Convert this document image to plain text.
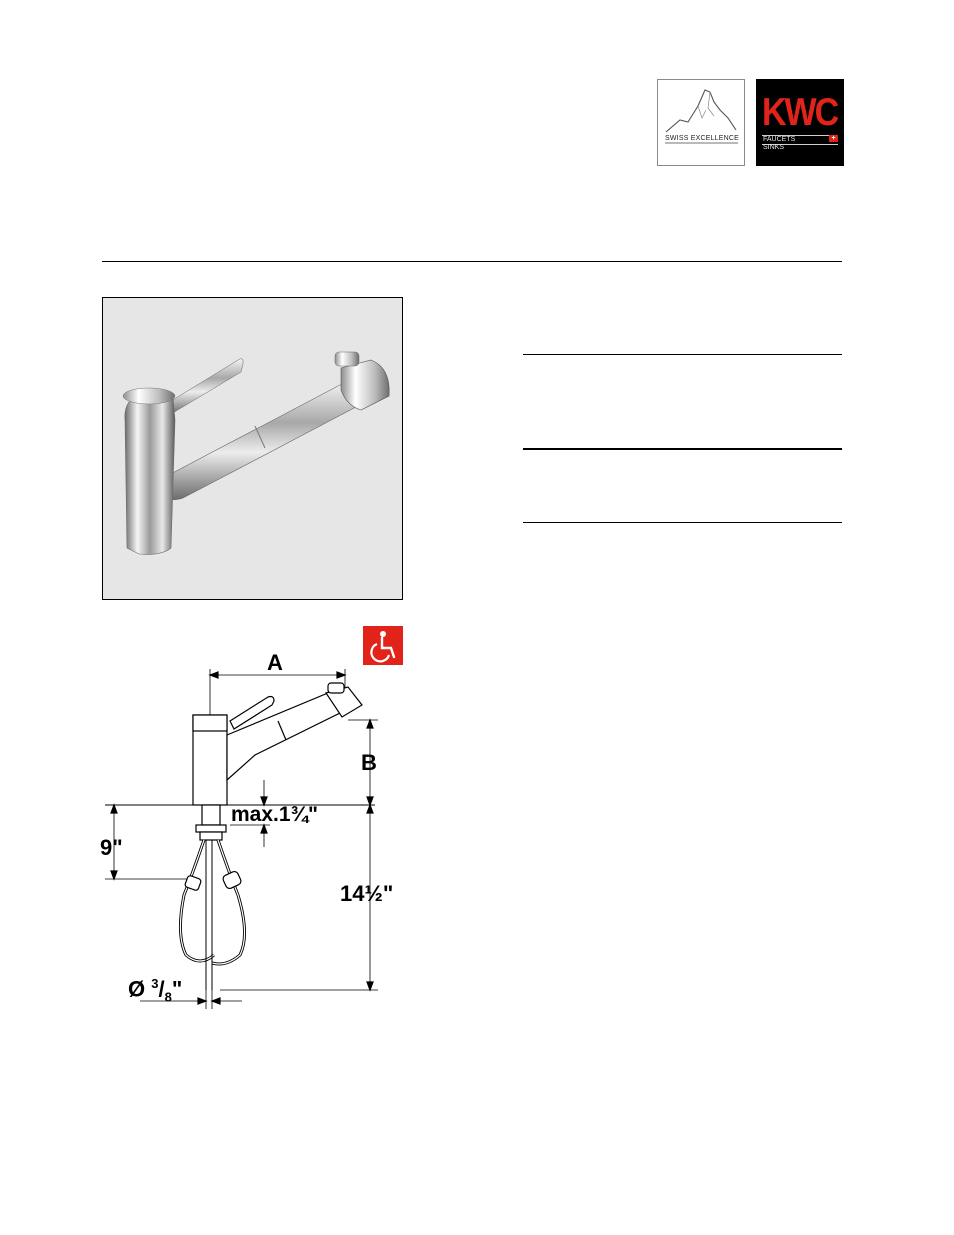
SWISS EXCELLENCE
KWC
FAUCETS	+
SINKS
A
B
max.1¾"
9"
14½"
Ø $^3/_8$"
